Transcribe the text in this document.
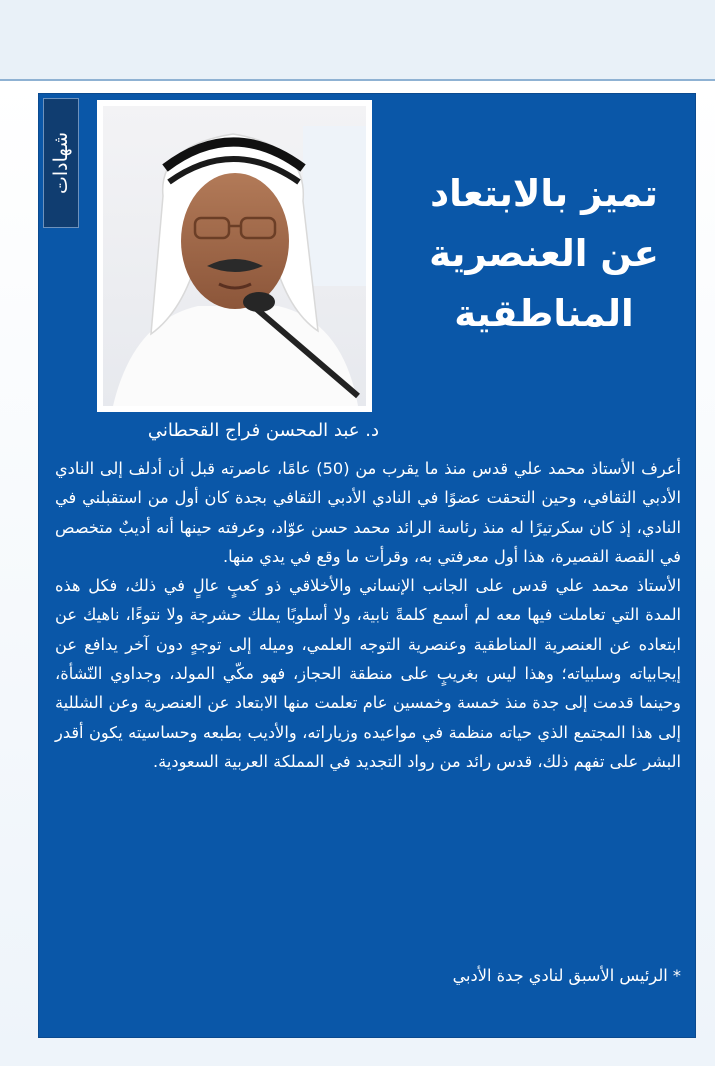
شهادات	تميز بالابتعاد
عن العنصرية
المناطقية
د. عبد المحسن فراج القحطاني

أعرف الأستاذ محمد علي قدس منذ ما يقرب من (50) عامًا، عاصرته قبل أن أدلف إلى النادي الأدبي الثقافي، وحين التحقت عضوًا في النادي الأدبي الثقافي بجدة كان أول من استقبلني في النادي، إذ كان سكرتيرًا له منذ رئاسة الرائد محمد حسن عوّاد، وعرفته حينها أنه أديبٌ متخصص في القصة القصيرة، هذا أول معرفتي به، وقرأت ما وقع في يدي منها.

الأستاذ محمد علي قدس على الجانب الإنساني والأخلاقي ذو كعبٍ عالٍ في ذلك، فكل هذه المدة التي تعاملت فيها معه لم أسمع كلمةً نابية، ولا أسلوبًا يملك حشرجة ولا نتوءًا، ناهيك عن ابتعاده عن العنصرية المناطقية وعنصرية التوجه العلمي، وميله إلى توجهٍ دون آخر يدافع عن إيجابياته وسلبياته؛ وهذا ليس بغريبٍ على منطقة الحجاز، فهو مكّي المولد، وجداوي النّشأة، وحينما قدمت إلى جدة منذ خمسة وخمسين عام تعلمت منها الابتعاد عن العنصرية وعن الشللية إلى هذا المجتمع الذي حياته منظمة في مواعيده وزياراته، والأديب بطبعه وحساسيته يكون أقدر البشر على تفهم ذلك، قدس رائد من رواد التجديد في المملكة العربية السعودية.

* الرئيس الأسبق لنادي جدة الأدبي
